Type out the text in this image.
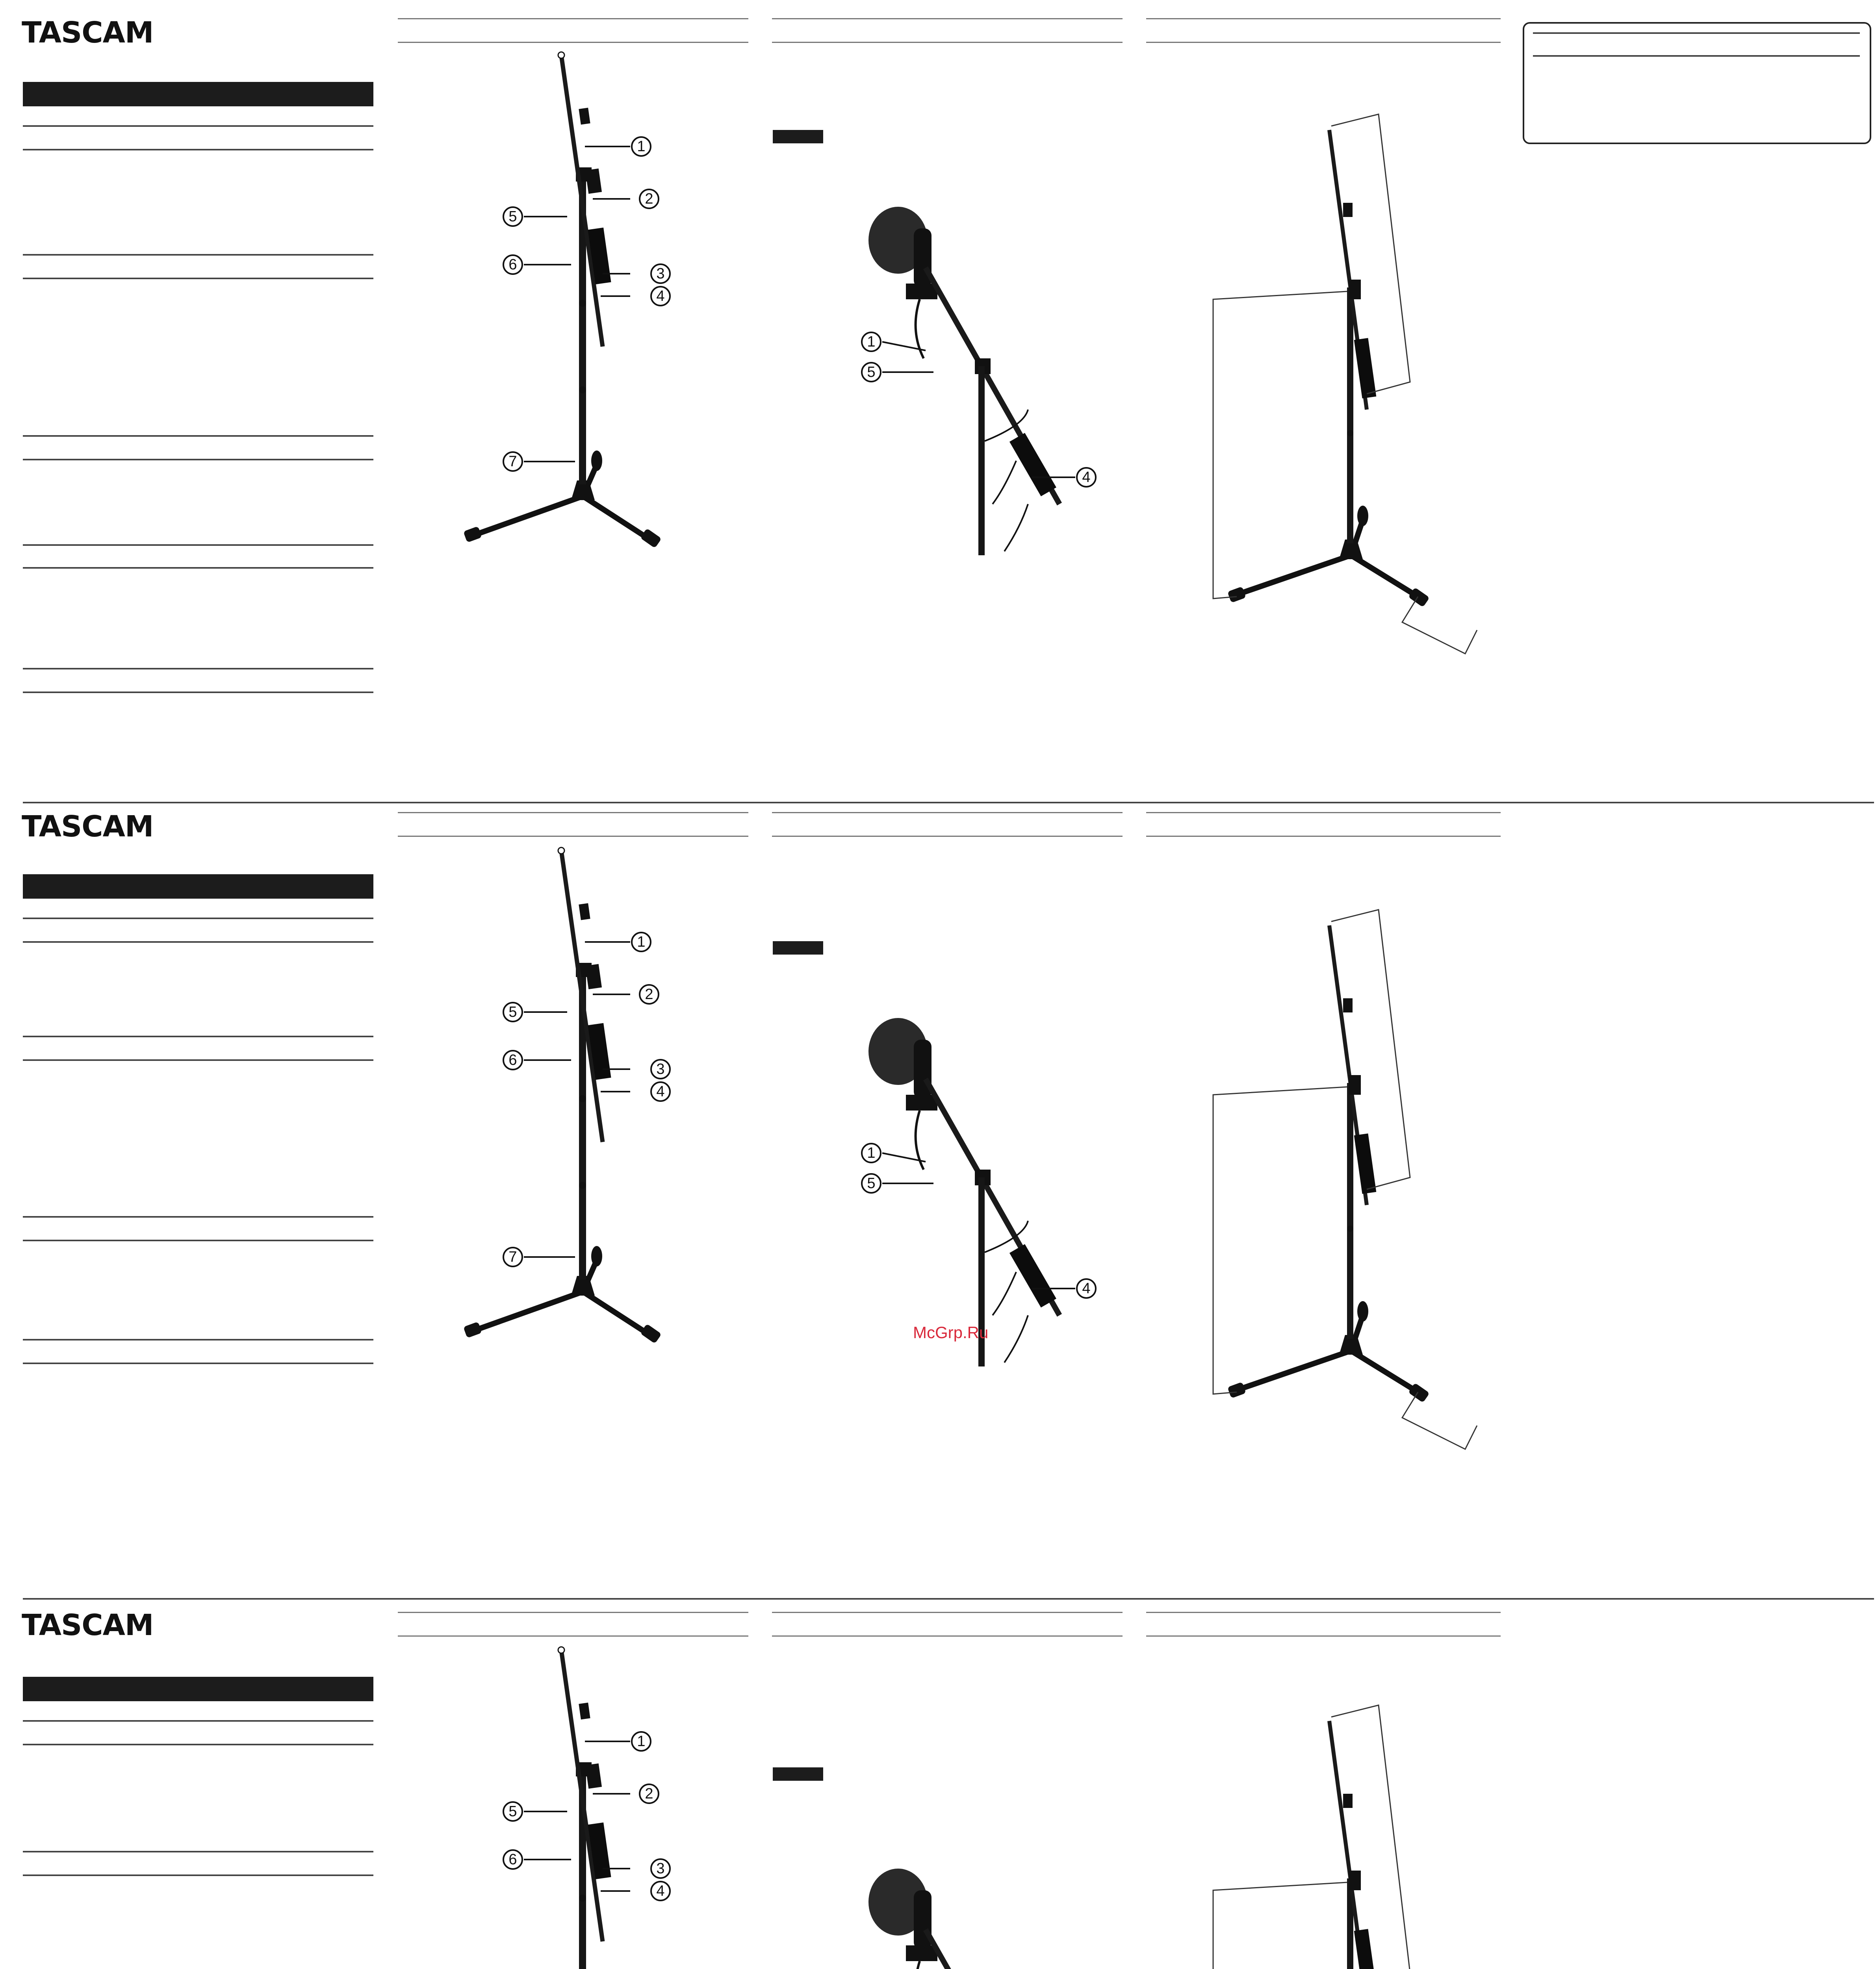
TASCAM
TASCAM
TASCAM
1
2
5
6
3
4
7
1
2
5
6
3
4
7
1
2
5
6
3
4
1
5
4
1
5
4
McGrp.Ru
